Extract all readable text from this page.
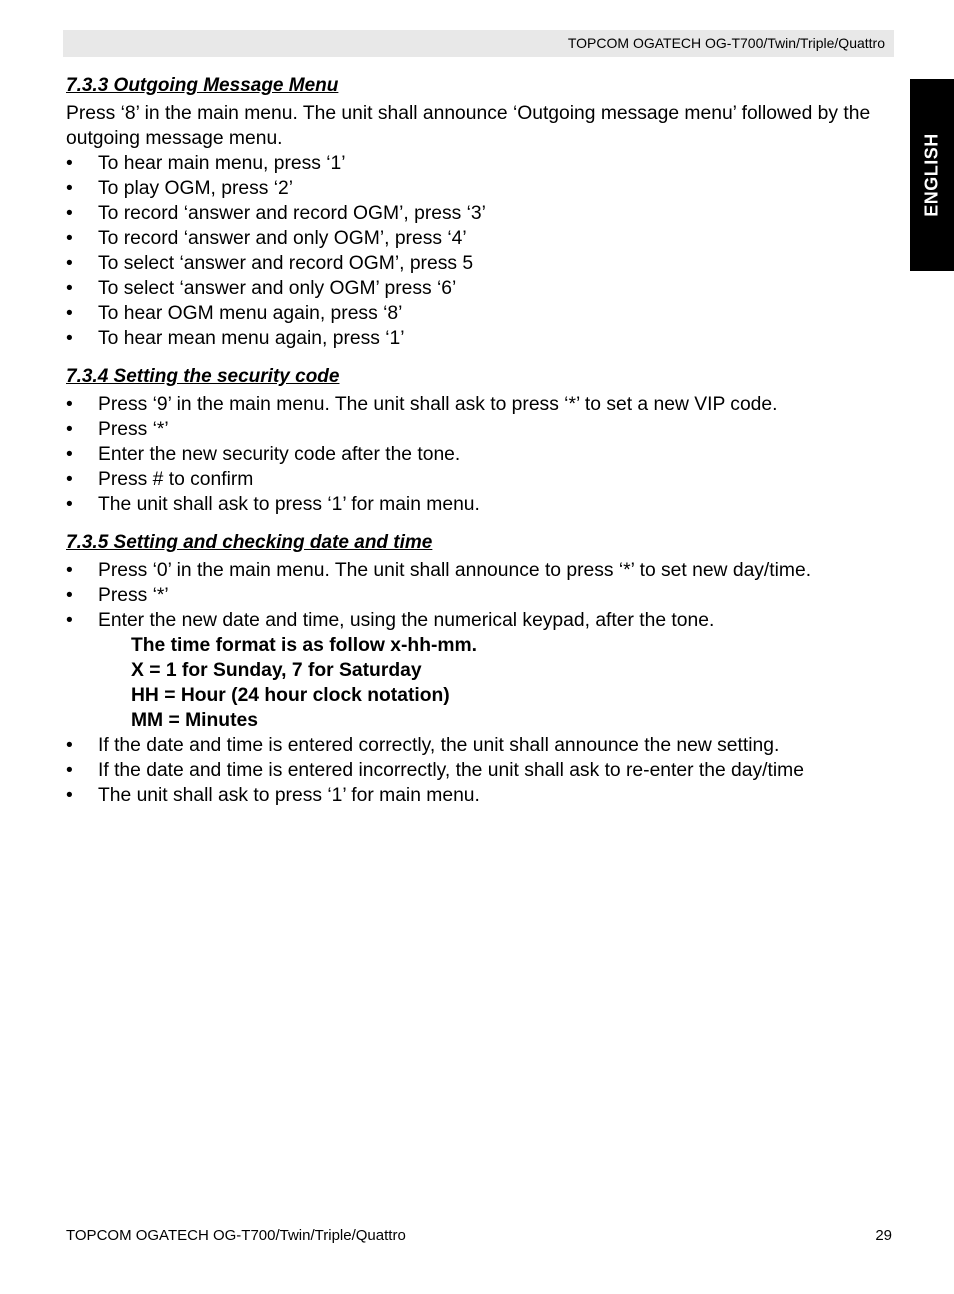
TOPCOM OGATECH OG-T700/Twin/Triple/Quattro
ENGLISH
7.3.3 Outgoing Message Menu

Press ‘8’ in the main menu. The unit shall announce ‘Outgoing message menu’ followed by the outgoing message menu.

• To hear main menu, press ‘1’
• To play OGM, press ‘2’
• To record ‘answer and record OGM’, press ‘3’
• To record ‘answer and only OGM’, press ‘4’
• To select ‘answer and record OGM’, press 5
• To select ‘answer and only OGM’ press ‘6’
• To hear OGM menu again, press ‘8’
• To hear mean menu again, press ‘1’
7.3.4 Setting the security code
• Press ‘9’ in the main menu. The unit shall ask to press ‘*’ to set a new VIP code.
• Press ‘*’
• Enter the new security code after the tone.
• Press # to confirm
• The unit shall ask to press ‘1’ for main menu.
7.3.5 Setting and checking date and time
• Press ‘0’ in the main menu. The unit shall announce to press ‘*’ to set new day/time.
• Press ‘*’
• Enter the new date and time, using the numerical keypad, after the tone.
The time format is as follow x-hh-mm.
X = 1 for Sunday, 7 for Saturday
HH = Hour (24 hour clock notation)
MM = Minutes
• If the date and time is entered correctly, the unit shall announce the new setting.
• If the date and time is entered incorrectly, the unit shall ask to re-enter the day/time
• The unit shall ask to press ‘1’ for main menu.
TOPCOM OGATECH OG-T700/Twin/Triple/Quattro	29
